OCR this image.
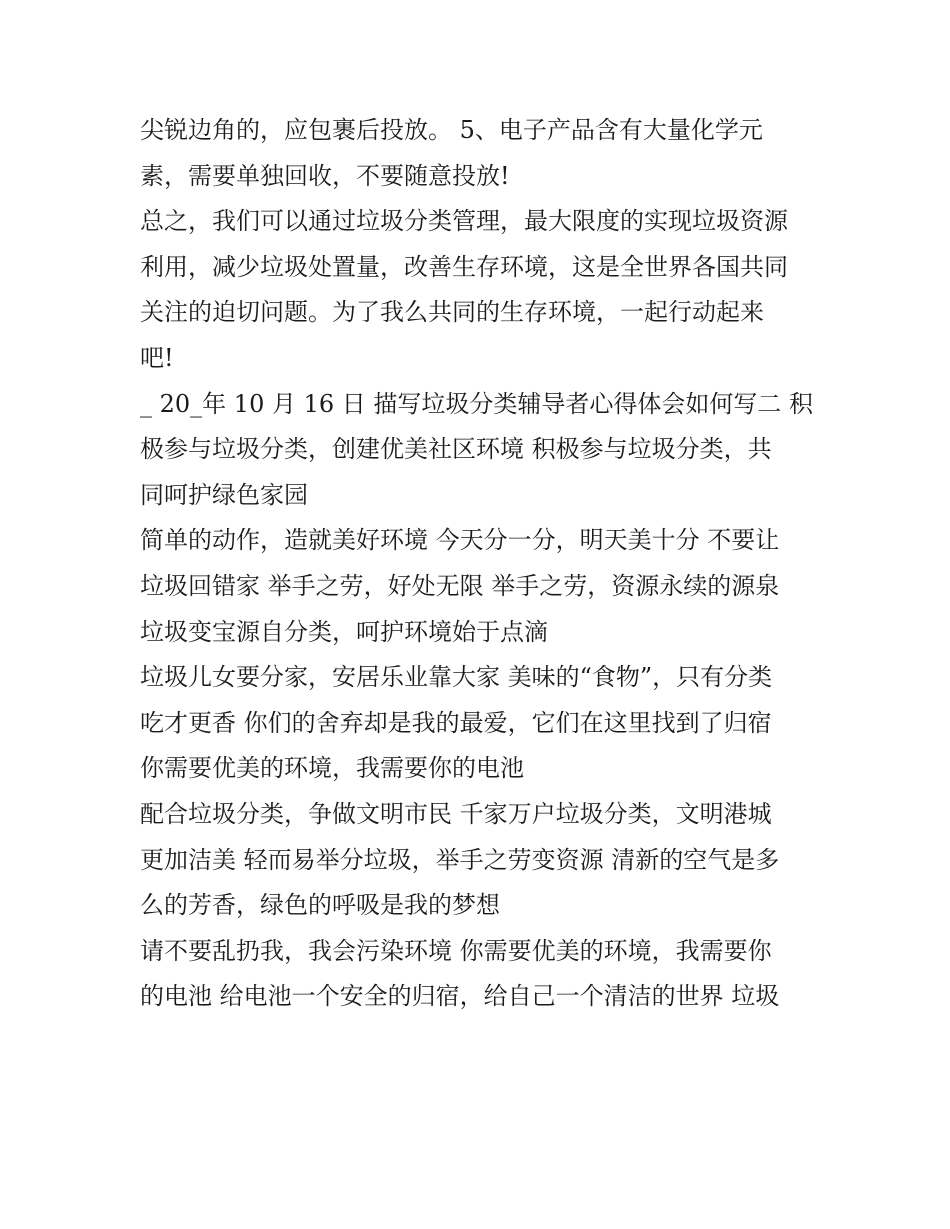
尖锐边角的，应包裹后投放。 5、电子产品含有大量化学元
素，需要单独回收，不要随意投放!
总之，我们可以通过垃圾分类管理，最大限度的实现垃圾资源
利用，减少垃圾处置量，改善生存环境，这是全世界各国共同
关注的迫切问题。为了我么共同的生存环境，一起行动起来
吧!
_ 20_年 10 月 16 日 描写垃圾分类辅导者心得体会如何写二 积
极参与垃圾分类，创建优美社区环境 积极参与垃圾分类，共
同呵护绿色家园
简单的动作，造就美好环境 今天分一分，明天美十分 不要让
垃圾回错家 举手之劳，好处无限 举手之劳，资源永续的源泉
垃圾变宝源自分类，呵护环境始于点滴
垃圾儿女要分家，安居乐业靠大家 美味的“食物”，只有分类
吃才更香 你们的舍弃却是我的最爱，它们在这里找到了归宿
你需要优美的环境，我需要你的电池
配合垃圾分类，争做文明市民 千家万户垃圾分类，文明港城
更加洁美 轻而易举分垃圾，举手之劳变资源 清新的空气是多
么的芳香，绿色的呼吸是我的梦想
请不要乱扔我，我会污染环境 你需要优美的环境，我需要你
的电池 给电池一个安全的归宿，给自己一个清洁的世界 垃圾
